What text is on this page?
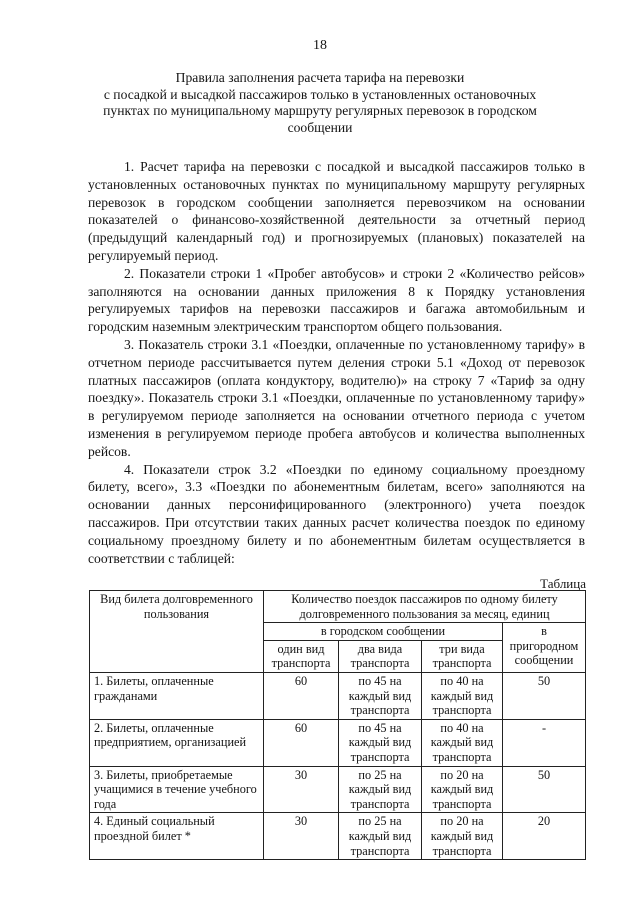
18
Правила заполнения расчета тарифа на перевозки
с посадкой и высадкой пассажиров только в установленных остановочных
пунктах по муниципальному маршруту регулярных перевозок в городском
сообщении

1. Расчет тарифа на перевозки с посадкой и высадкой пассажиров только в установленных остановочных пунктах по муниципальному маршруту регулярных перевозок в городском сообщении заполняется перевозчиком на основании показателей о финансово-хозяйственной деятельности за отчетный период (предыдущий календарный год) и прогнозируемых (плановых) показателей на регулируемый период.

2. Показатели строки 1 «Пробег автобусов» и строки 2 «Количество рейсов» заполняются на основании данных приложения 8 к Порядку установления регулируемых тарифов на перевозки пассажиров и багажа автомобильным и городским наземным электрическим транспортом общего пользования.

3. Показатель строки 3.1 «Поездки, оплаченные по установленному тарифу» в отчетном периоде рассчитывается путем деления строки 5.1 «Доход от перевозок платных пассажиров (оплата кондуктору, водителю)» на строку 7 «Тариф за одну поездку». Показатель строки 3.1 «Поездки, оплаченные по установленному тарифу» в регулируемом периоде заполняется на основании отчетного периода с учетом изменения в регулируемом периоде пробега автобусов и количества выполненных рейсов.

4. Показатели строк 3.2 «Поездки по единому социальному проездному билету, всего», 3.3 «Поездки по абонементным билетам, всего» заполняются на основании данных персонифицированного (электронного) учета поездок пассажиров. При отсутствии таких данных расчет количества поездок по единому социальному проездному билету и по абонементным билетам осуществляется в соответствии с таблицей:

Таблица
Вид билета долговременного пользования	Количество поездок пассажиров по одному билету долговременного пользования за месяц, единиц			
	в городском сообщении			в пригородном сообщении
	один вид транспорта	два вида транспорта	три вида транспорта	
1. Билеты, оплаченные гражданами	60	по 45 на каждый вид транспорта	по 40 на каждый вид транспорта	50
2. Билеты, оплаченные предприятием, организацией	60	по 45 на каждый вид транспорта	по 40 на каждый вид транспорта	-
3. Билеты, приобретаемые учащимися в течение учебного года	30	по 25 на каждый вид транспорта	по 20 на каждый вид транспорта	50
4. Единый социальный проездной билет *	30	по 25 на каждый вид транспорта	по 20 на каждый вид транспорта	20
